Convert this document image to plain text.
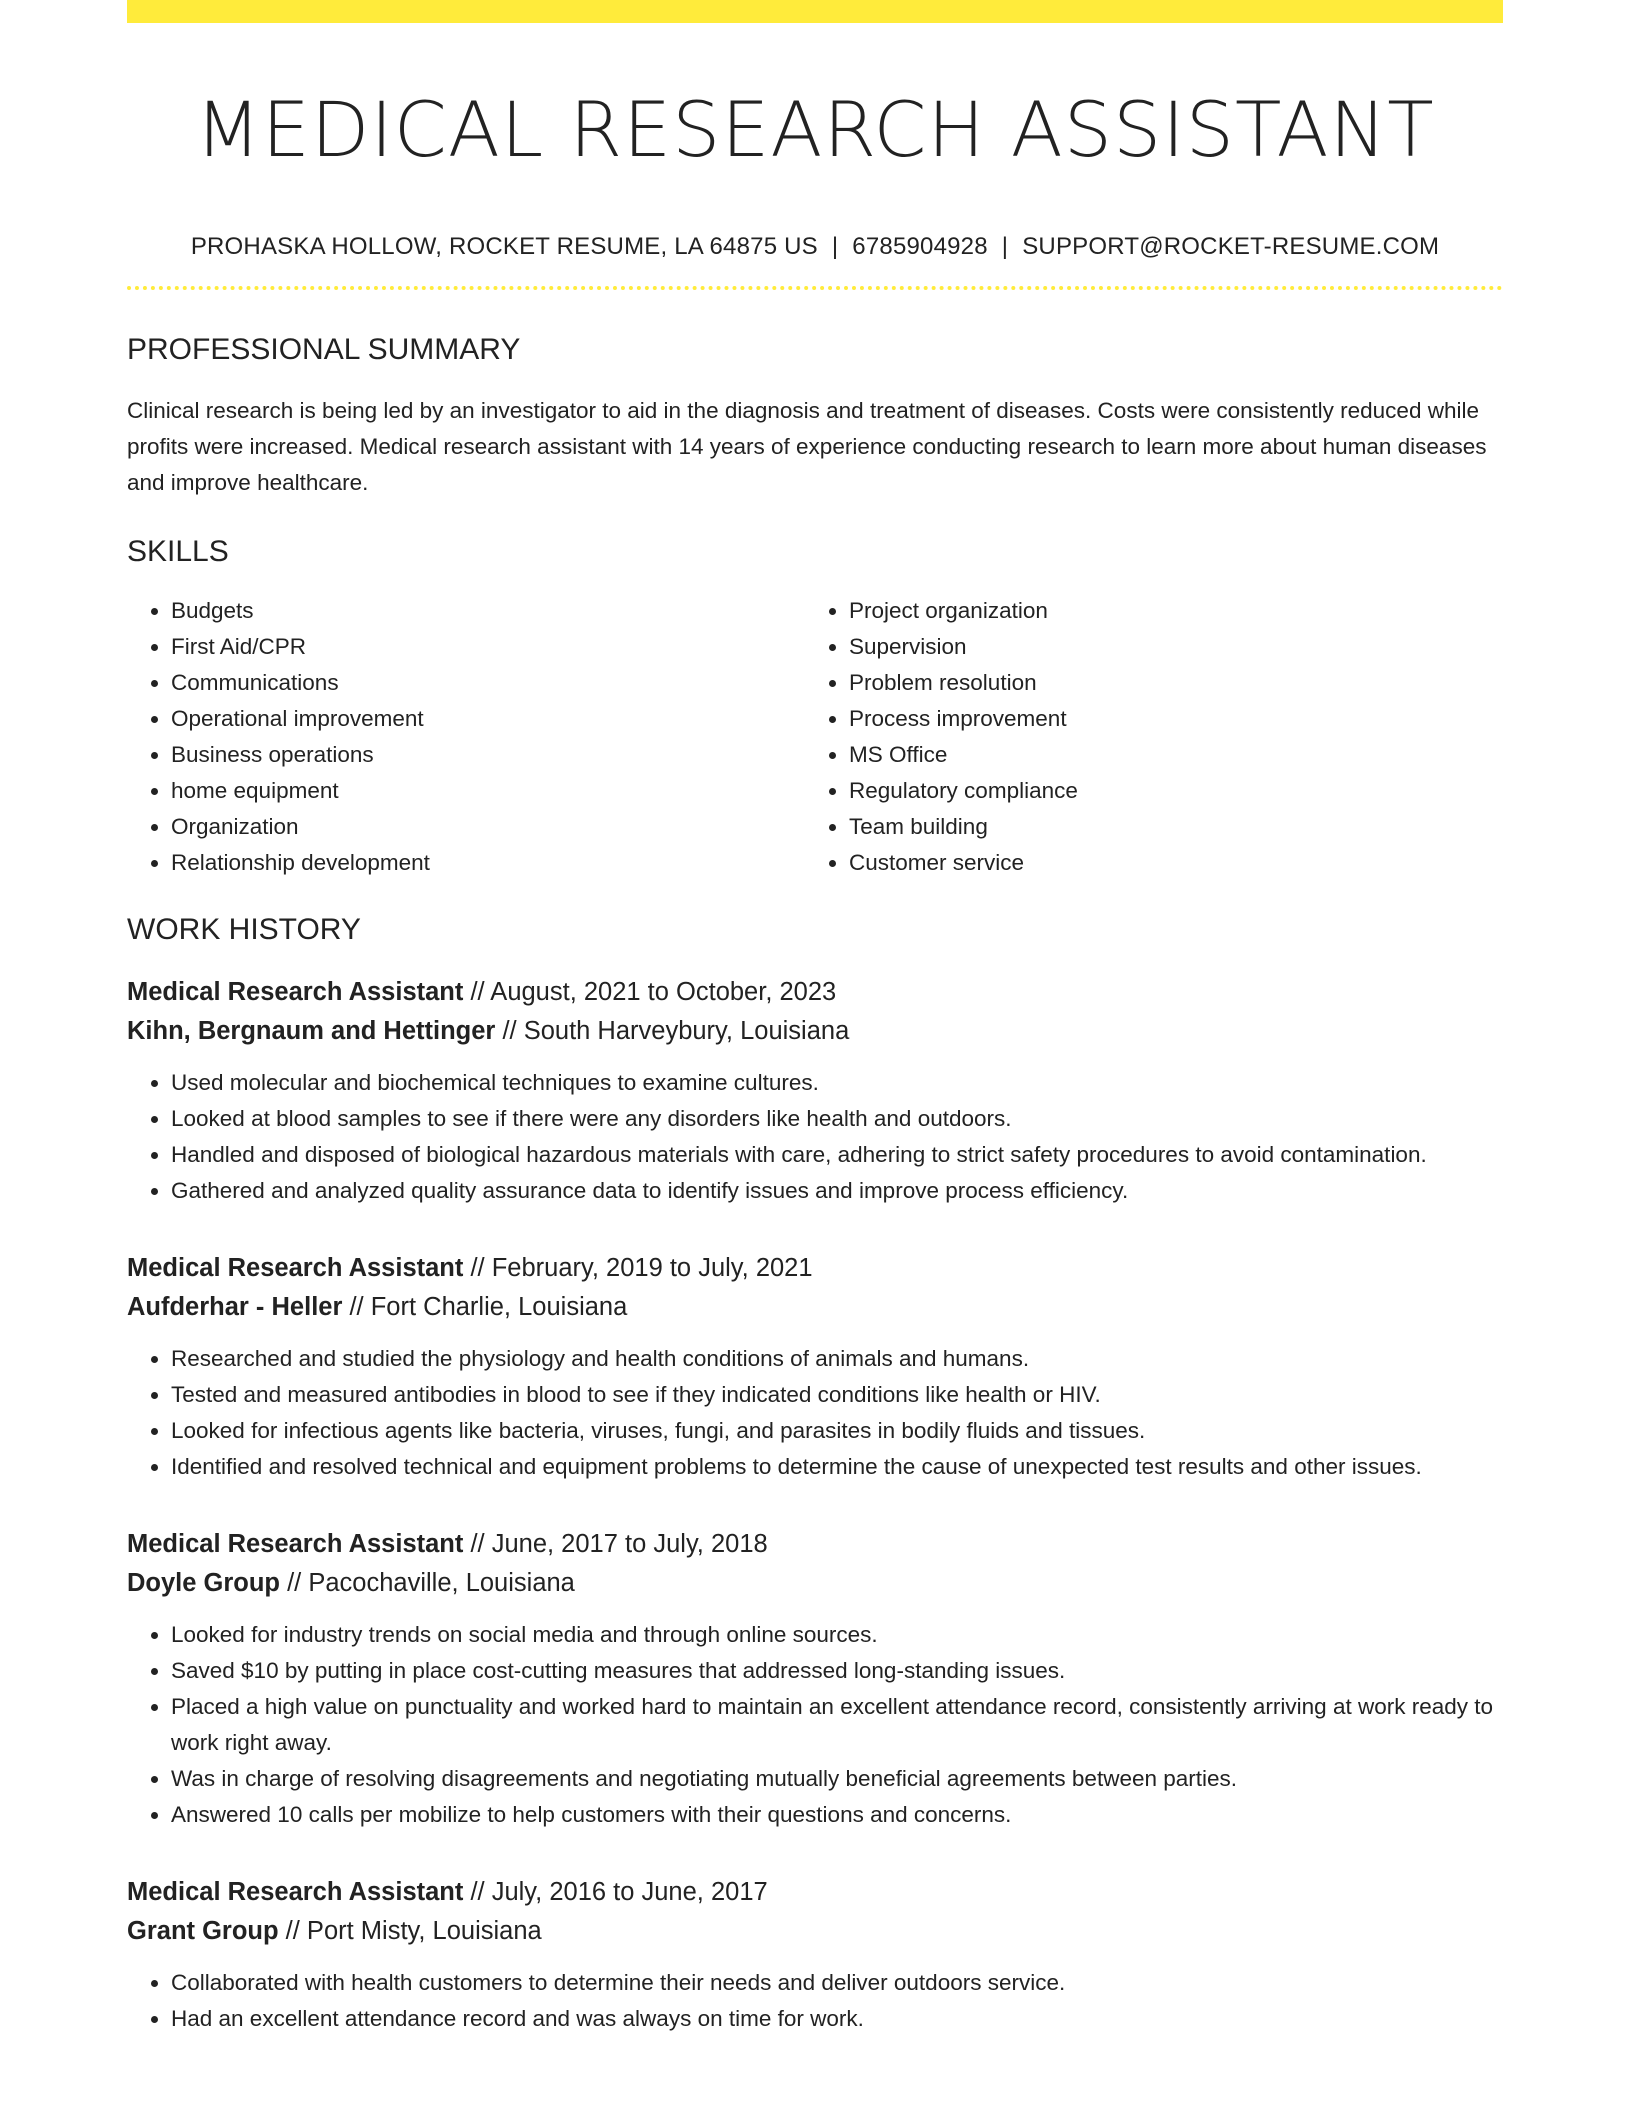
MEDICAL RESEARCH ASSISTANT
PROHASKA HOLLOW, ROCKET RESUME, LA 64875 US | 6785904928 | SUPPORT@ROCKET-RESUME.COM
PROFESSIONAL SUMMARY

Clinical research is being led by an investigator to aid in the diagnosis and treatment of diseases. Costs were consistently reduced while profits were increased. Medical research assistant with 14 years of experience conducting research to learn more about human diseases and improve healthcare.

SKILLS
• Budgets
• First Aid/CPR
• Communications
• Operational improvement
• Business operations
• home equipment
• Organization
• Relationship development
• Project organization
• Supervision
• Problem resolution
• Process improvement
• MS Office
• Regulatory compliance
• Team building
• Customer service
WORK HISTORY
Medical Research Assistant // August, 2021 to October, 2023
Kihn, Bergnaum and Hettinger // South Harveybury, Louisiana
• Used molecular and biochemical techniques to examine cultures.
• Looked at blood samples to see if there were any disorders like health and outdoors.
• Handled and disposed of biological hazardous materials with care, adhering to strict safety procedures to avoid contamination.
• Gathered and analyzed quality assurance data to identify issues and improve process efficiency.
Medical Research Assistant // February, 2019 to July, 2021
Aufderhar - Heller // Fort Charlie, Louisiana
• Researched and studied the physiology and health conditions of animals and humans.
• Tested and measured antibodies in blood to see if they indicated conditions like health or HIV.
• Looked for infectious agents like bacteria, viruses, fungi, and parasites in bodily fluids and tissues.
• Identified and resolved technical and equipment problems to determine the cause of unexpected test results and other issues.
Medical Research Assistant // June, 2017 to July, 2018
Doyle Group // Pacochaville, Louisiana
• Looked for industry trends on social media and through online sources.
• Saved $10 by putting in place cost-cutting measures that addressed long-standing issues.
• Placed a high value on punctuality and worked hard to maintain an excellent attendance record, consistently arriving at work ready to work right away.
• Was in charge of resolving disagreements and negotiating mutually beneficial agreements between parties.
• Answered 10 calls per mobilize to help customers with their questions and concerns.
Medical Research Assistant // July, 2016 to June, 2017
Grant Group // Port Misty, Louisiana
• Collaborated with health customers to determine their needs and deliver outdoors service.
• Had an excellent attendance record and was always on time for work.
